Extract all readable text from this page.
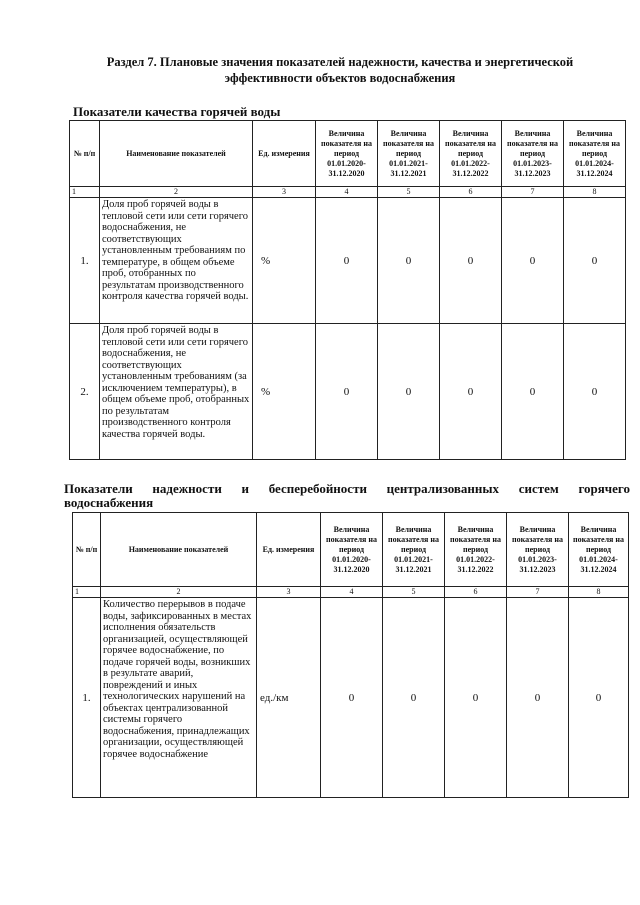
Раздел 7. Плановые значения показателей надежности, качества и энергетической
эффективности объектов водоснабжения
Показатели качества горячей воды
№ п/п	Наименование показателей	Ед. измерения	Величина показателя на период 01.01.2020-31.12.2020	Величина показателя на период 01.01.2021-31.12.2021	Величина показателя на период 01.01.2022-31.12.2022	Величина показателя на период 01.01.2023-31.12.2023	Величина показателя на период 01.01.2024-31.12.2024
1	2	3	4	5	6	7	8
1.	Доля проб горячей воды в тепловой сети или сети горячего водоснабжения, не соответствующих установленным требованиям по температуре, в общем объеме проб, отобранных по результатам производственного контроля качества горячей воды.	%	0	0	0	0	0
2.	Доля проб горячей воды в тепловой сети или сети горячего водоснабжения, не соответствующих установленным требованиям (за исключением температуры), в общем объеме проб, отобранных по результатам производственного контроля качества горячей воды.	%	0	0	0	0	0
Показатели надежности и бесперебойности централизованных систем горячего
водоснабжения
№ п/п	Наименование показателей	Ед. измерения	Величина показателя на период 01.01.2020-31.12.2020	Величина показателя на период 01.01.2021-31.12.2021	Величина показателя на период 01.01.2022-31.12.2022	Величина показателя на период 01.01.2023-31.12.2023	Величина показателя на период 01.01.2024-31.12.2024
1	2	3	4	5	6	7	8
1.	Количество перерывов в подаче воды, зафиксированных в местах исполнения обязательств организацией, осуществляющей горячее водоснабжение, по подаче горячей воды, возникших в результате аварий, повреждений и иных технологических нарушений на объектах централизованной системы горячего водоснабжения, принадлежащих организации, осуществляющей горячее водоснабжение	ед./км	0	0	0	0	0
